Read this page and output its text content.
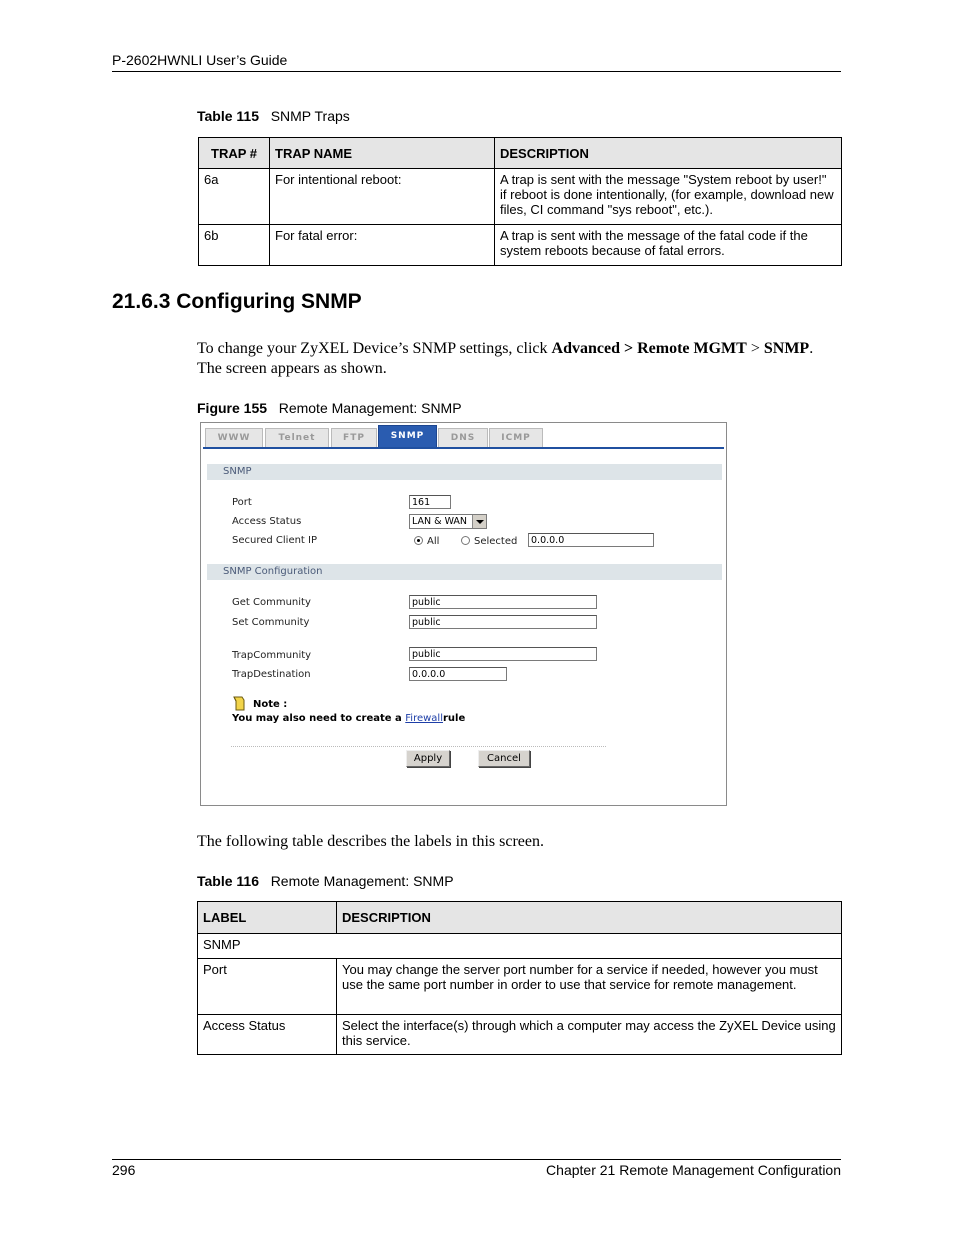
P-2602HWNLI User’s Guide
Table 115 SNMP Traps
TRAP #	TRAP NAME	DESCRIPTION
6a	For intentional reboot:	A trap is sent with the message "System reboot by user!" if reboot is done intentionally, (for example, download new files, CI command "sys reboot", etc.).
6b	For fatal error:	A trap is sent with the message of the fatal code if the system reboots because of fatal errors.
21.6.3 Configuring SNMP
To change your ZyXEL Device’s SNMP settings, click Advanced > Remote MGMT > SNMP. The screen appears as shown.
Figure 155 Remote Management: SNMP
WWW	Telnet	FTP	SNMP	DNS	ICMP
SNMP
Port	161
Access Status	LAN & WAN
Secured Client IP	All	Selected	0.0.0.0
SNMP Configuration
Get Community	public
Set Community	public
TrapCommunity	public
TrapDestination	0.0.0.0
Note :
You may also need to create a Firewallrule
Apply	Cancel
The following table describes the labels in this screen.
Table 116 Remote Management: SNMP
LABEL	DESCRIPTION
SNMP	
Port	You may change the server port number for a service if needed, however you must use the same port number in order to use that service for remote management.
Access Status	Select the interface(s) through which a computer may access the ZyXEL Device using this service.
296	Chapter 21 Remote Management Configuration
